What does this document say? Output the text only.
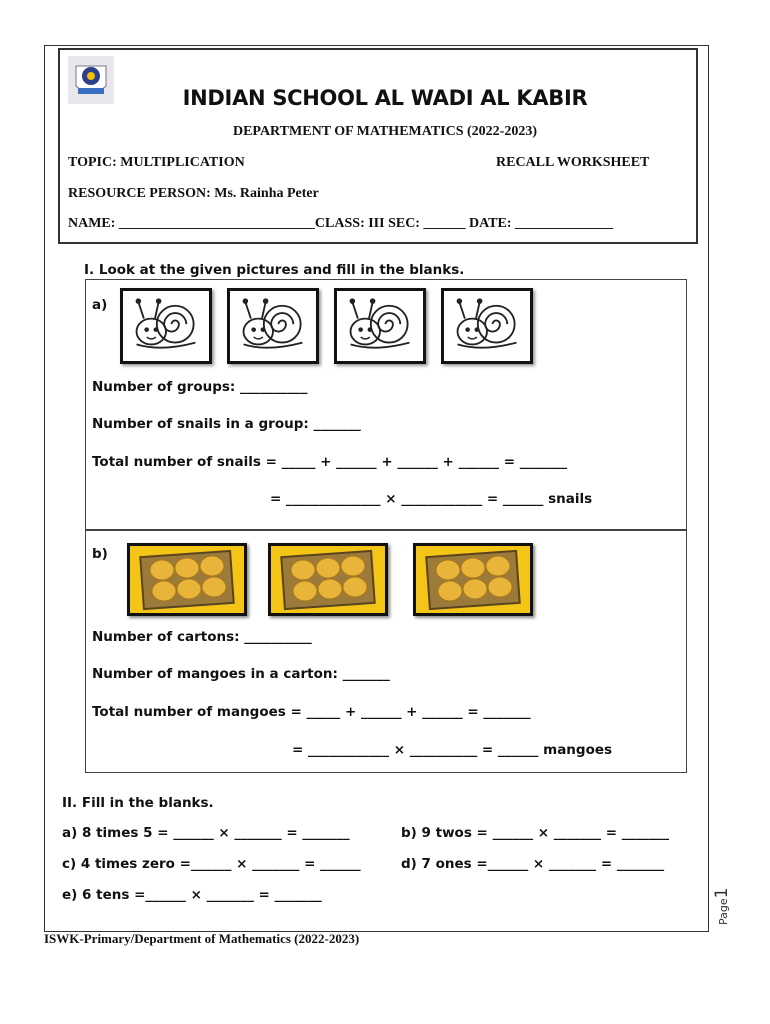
INDIAN SCHOOL AL WADI AL KABIR
DEPARTMENT OF MATHEMATICS (2022-2023)
TOPIC: MULTIPLICATION	RECALL WORKSHEET
RESOURCE PERSON: Ms. Rainha Peter
NAME: ____________________________CLASS: III SEC: ______ DATE: ______________
I. Look at the given pictures and fill in the blanks.
a)
Number of groups: __________
Number of snails in a group: _______
Total number of snails = _____ + ______ + ______ + ______ = _______
= ______________ × ____________ = ______ snails
b)
Number of cartons: __________
Number of mangoes in a carton: _______
Total number of mangoes = _____ + ______ + ______ = _______
= ____________ × __________ = ______ mangoes
II. Fill in the blanks.
a) 8 times 5 = ______ × _______ = _______	b) 9 twos = ______ × _______ = _______
c) 4 times zero =______ × _______ = ______	d) 7 ones =______ × _______ = _______
e) 6 tens =______ × _______ = _______
ISWK-Primary/Department of Mathematics (2022-2023)
Page1
